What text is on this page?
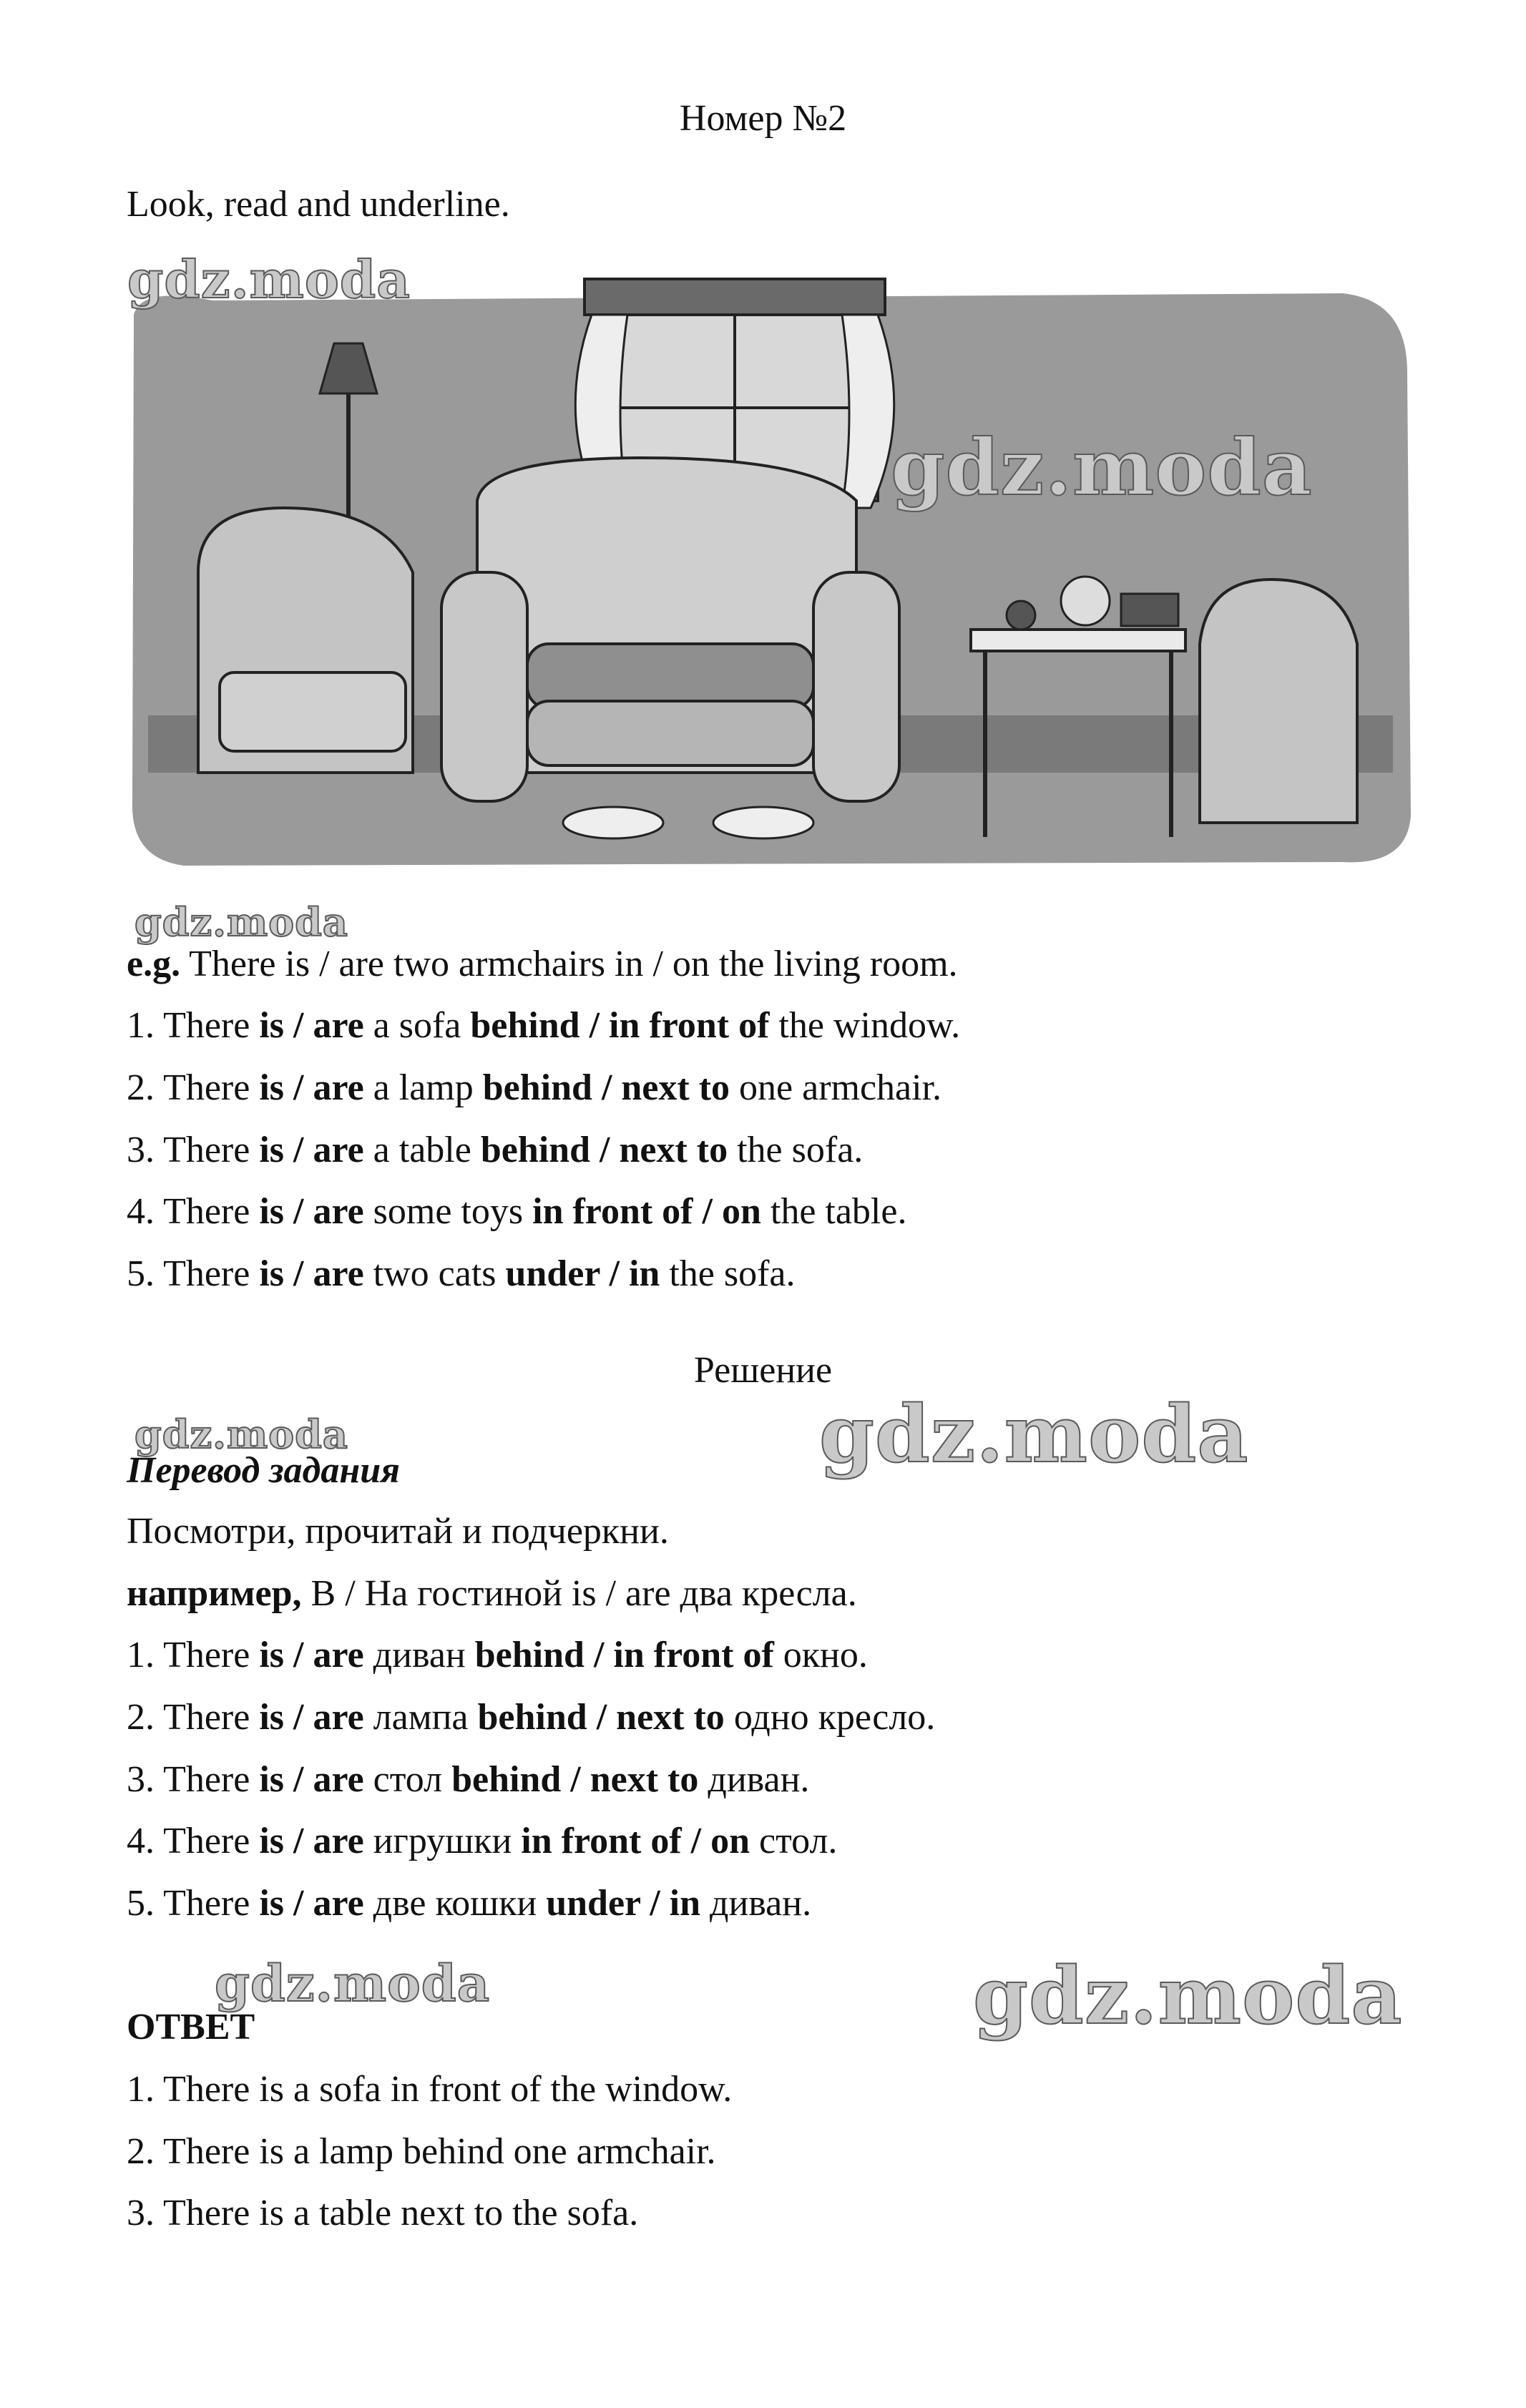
Номер №2
Look, read and underline.
gdz.moda
gdz.moda
gdz.moda
gdz.moda	gdz.moda
gdz.moda	gdz.moda
e.g. There is / are two armchairs in / on the living room.
1. There is / are a sofa behind / in front of the window.
2. There is / are a lamp behind / next to one armchair.
3. There is / are a table behind / next to the sofa.
4. There is / are some toys in front of / on the table.
5. There is / are two cats under / in the sofa.
Решение
Перевод задания
Посмотри, прочитай и подчеркни.
например, В / На гостиной is / are два кресла.
1. There is / are диван behind / in front of окно.
2. There is / are лампа behind / next to одно кресло.
3. There is / are стол behind / next to диван.
4. There is / are игрушки in front of / on стол.
5. There is / are две кошки under / in диван.
ОТВЕТ
1. There is a sofa in front of the window.
2. There is a lamp behind one armchair.
3. There is a table next to the sofa.
